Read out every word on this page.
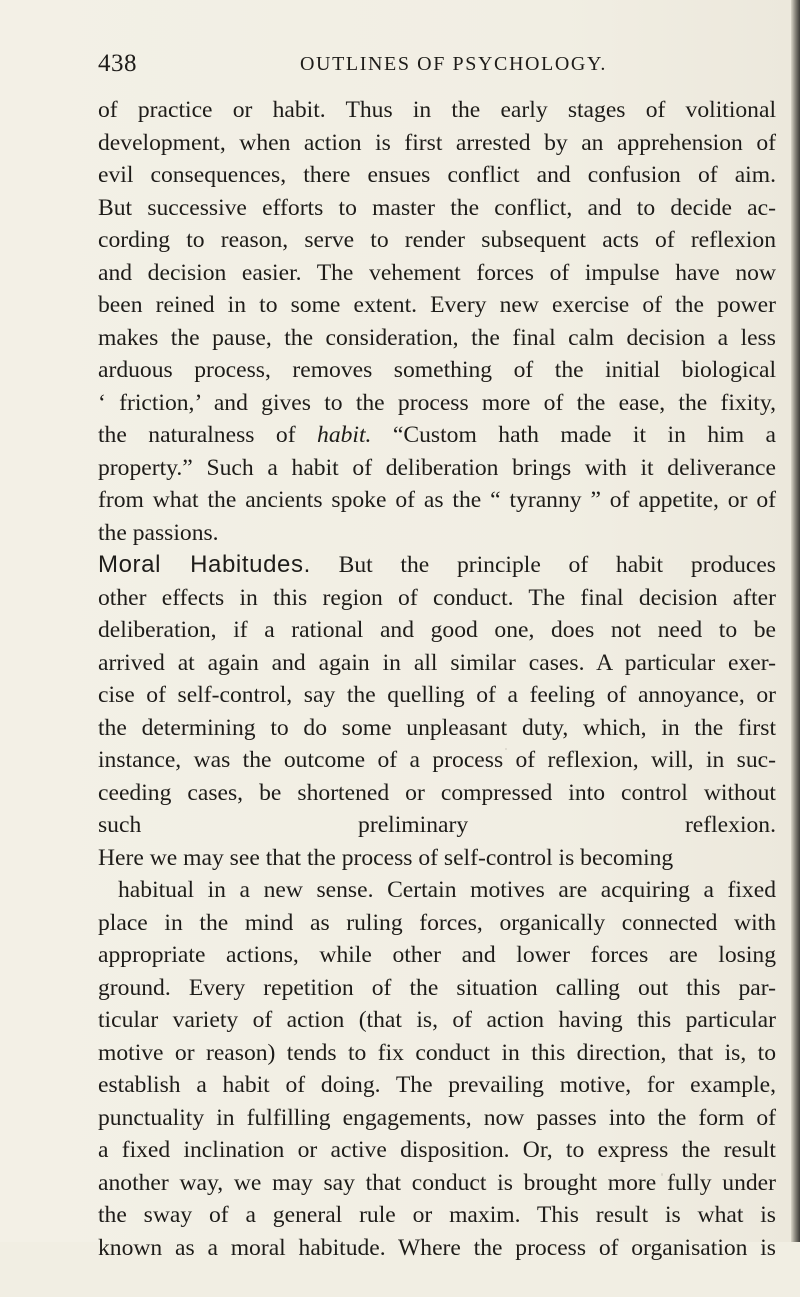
438	OUTLINES OF PSYCHOLOGY.
of practice or habit. Thus in the early stages of volitional
development, when action is first arrested by an apprehension of
evil consequences, there ensues conflict and confusion of aim.
But successive efforts to master the conflict, and to decide ac-
cording to reason, serve to render subsequent acts of reflexion
and decision easier. The vehement forces of impulse have now
been reined in to some extent. Every new exercise of the power
makes the pause, the consideration, the final calm decision a less
arduous process, removes something of the initial biological
‘ friction,’ and gives to the process more of the ease, the fixity,
the naturalness of habit. “Custom hath made it in him a
property.” Such a habit of deliberation brings with it deliverance
from what the ancients spoke of as the “ tyranny ” of appetite, or of
the passions.
Moral Habitudes. But the principle of habit produces
other effects in this region of conduct. The final decision after
deliberation, if a rational and good one, does not need to be
arrived at again and again in all similar cases. A particular exer-
cise of self-control, say the quelling of a feeling of annoyance, or
the determining to do some unpleasant duty, which, in the first
instance, was the outcome of a process of reflexion, will, in suc-
ceeding cases, be shortened or compressed into control without
such preliminary reflexion.
Here we may see that the process of self-control is becoming
habitual in a new sense. Certain motives are acquiring a fixed
place in the mind as ruling forces, organically connected with
appropriate actions, while other and lower forces are losing
ground. Every repetition of the situation calling out this par-
ticular variety of action (that is, of action having this particular
motive or reason) tends to fix conduct in this direction, that is, to
establish a habit of doing. The prevailing motive, for example,
punctuality in fulfilling engagements, now passes into the form of
a fixed inclination or active disposition. Or, to express the result
another way, we may say that conduct is brought more fully under
the sway of a general rule or maxim. This result is what is
known as a moral habitude. Where the process of organisation is
